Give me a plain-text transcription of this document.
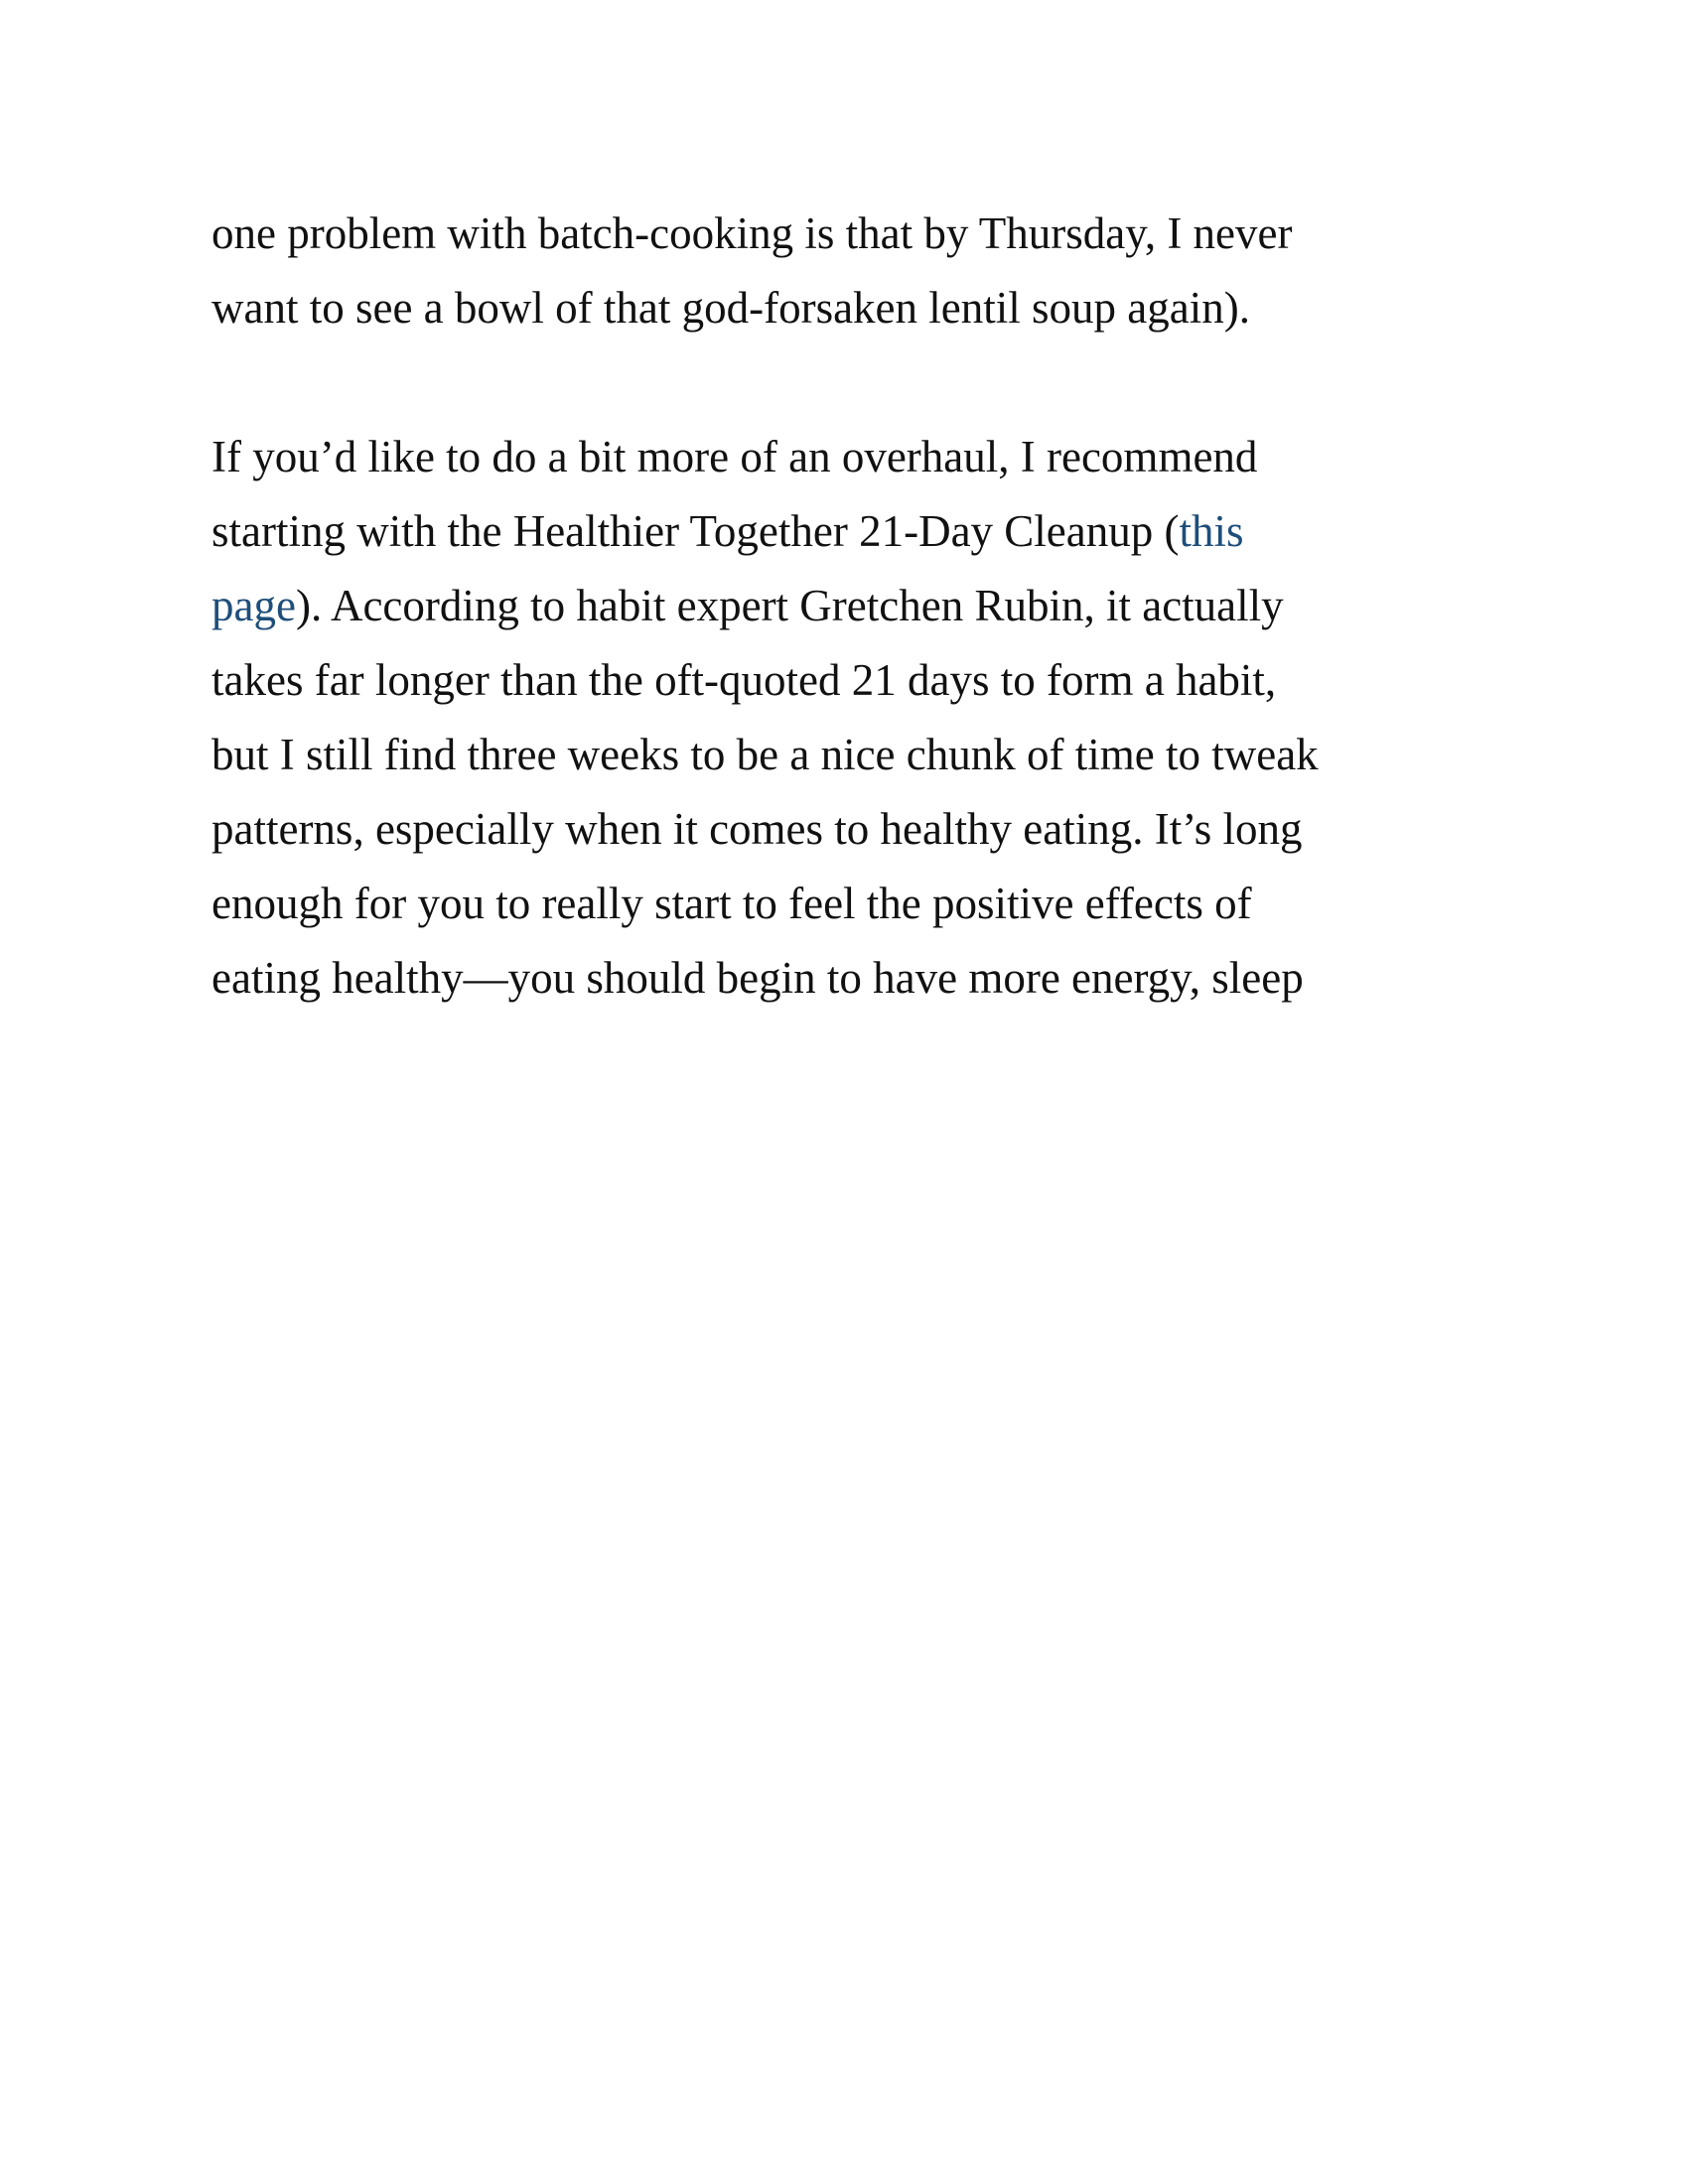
one problem with batch-cooking is that by Thursday, I never
want to see a bowl of that god-forsaken lentil soup again).
If you’d like to do a bit more of an overhaul, I recommend
starting with the Healthier Together 21-Day Cleanup (this
page). According to habit expert Gretchen Rubin, it actually
takes far longer than the oft-quoted 21 days to form a habit,
but I still find three weeks to be a nice chunk of time to tweak
patterns, especially when it comes to healthy eating. It’s long
enough for you to really start to feel the positive effects of
eating healthy—you should begin to have more energy, sleep
